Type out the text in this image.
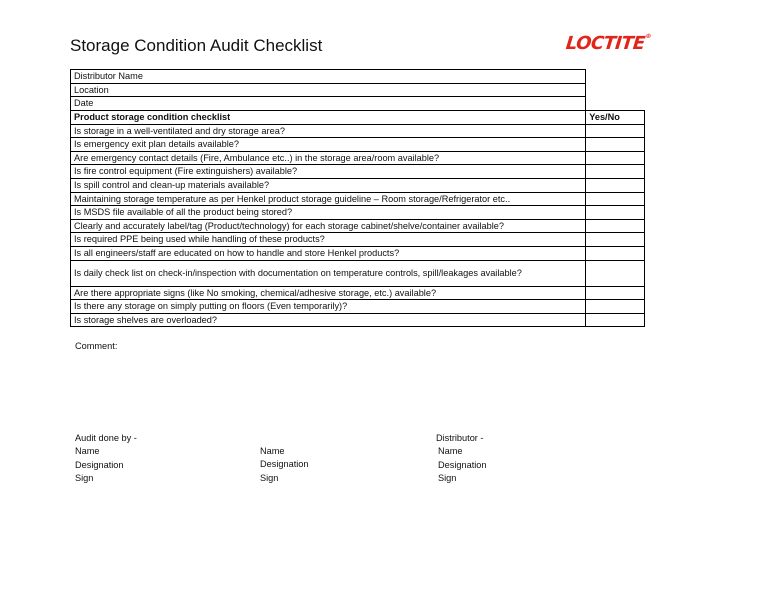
Storage Condition Audit Checklist	LOCTITE®
Distributor Name
Location
Date
Product storage condition checklist	Yes/No
Is storage in a well-ventilated and dry storage area?	
Is emergency exit plan details available?	
Are emergency contact details (Fire, Ambulance etc..) in the storage area/room available?	
Is fire control equipment (Fire extinguishers) available?	
Is spill control and clean-up materials available?	
Maintaining storage temperature as per Henkel product storage guideline – Room storage/Refrigerator etc..	
Is MSDS file available of all the product being stored?	
Clearly and accurately label/tag (Product/technology) for each storage cabinet/shelve/container available?	
Is required PPE being used while handling of these products?	
Is all engineers/staff are educated on how to handle and store Henkel products?	
Is daily check list on check-in/inspection with documentation on temperature controls, spill/leakages available?	
Are there appropriate signs (like No smoking, chemical/adhesive storage, etc.) available?	
Is there any storage on simply putting on floors (Even temporarily)?	
Is storage shelves are overloaded?	
Comment:
Audit done by -
Name
Designation
Sign
Name
Designation
Sign
Distributor -
Name
Designation
Sign
